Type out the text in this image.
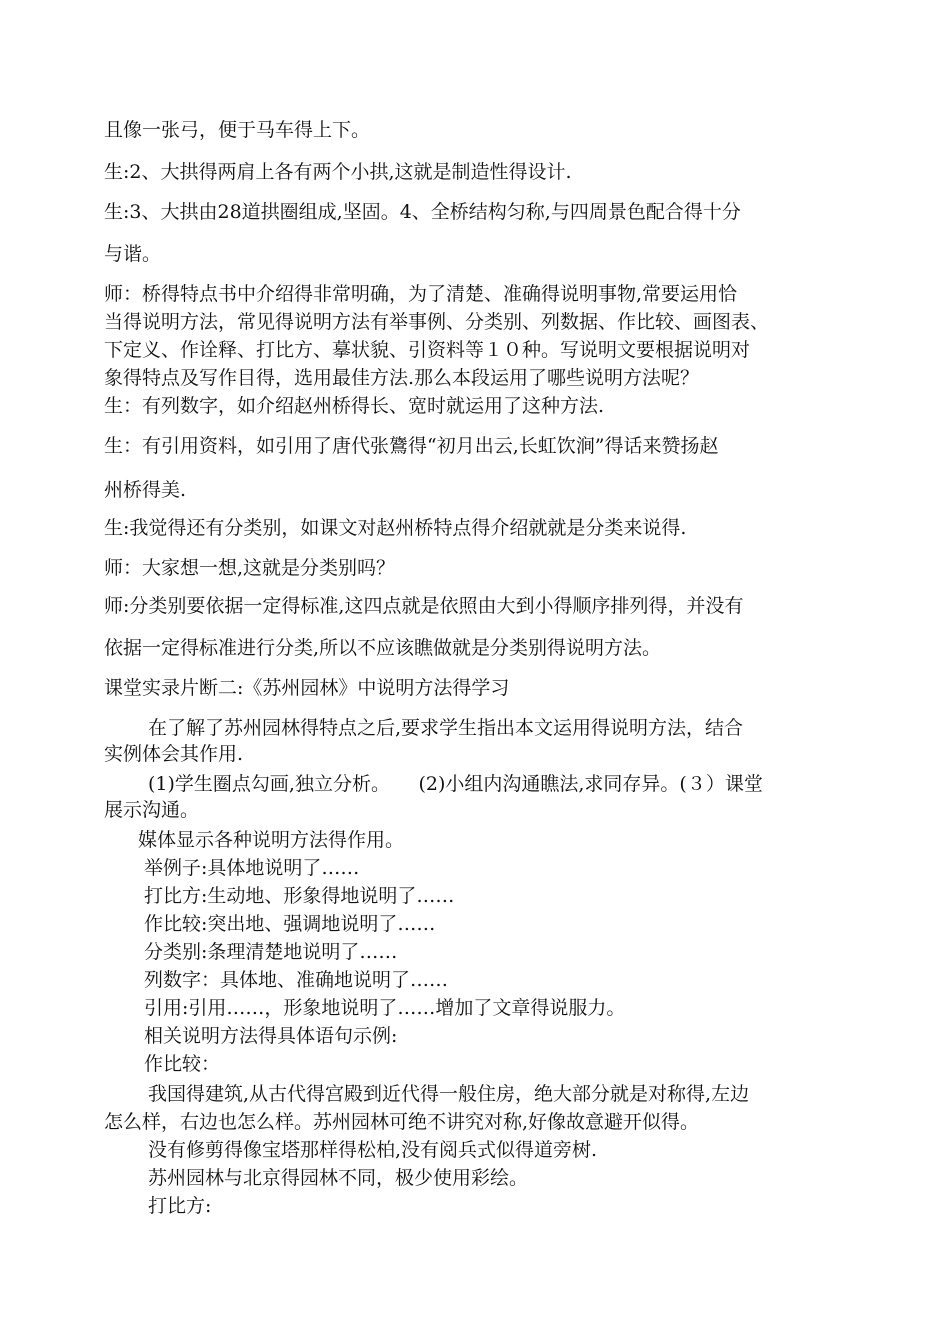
且像一张弓，便于马车得上下。
生:2、大拱得两肩上各有两个小拱,这就是制造性得设计.
生:3、大拱由28道拱圈组成,坚固。4、全桥结构匀称,与四周景色配合得十分
与谐。
师：桥得特点书中介绍得非常明确，为了清楚、准确得说明事物,常要运用恰
当得说明方法，常见得说明方法有举事例、分类别、列数据、作比较、画图表、
下定义、作诠释、打比方、摹状貌、引资料等１０种。写说明文要根据说明对
象得特点及写作目得，选用最佳方法.那么本段运用了哪些说明方法呢？
生：有列数字，如介绍赵州桥得长、宽时就运用了这种方法.
生：有引用资料，如引用了唐代张鷟得“初月出云,长虹饮涧”得话来赞扬赵
州桥得美.
生:我觉得还有分类别，如课文对赵州桥特点得介绍就就是分类来说得.
师：大家想一想,这就是分类别吗？
师:分类别要依据一定得标准,这四点就是依照由大到小得顺序排列得，并没有
依据一定得标准进行分类,所以不应该瞧做就是分类别得说明方法。
课堂实录片断二:《苏州园林》中说明方法得学习
在了解了苏州园林得特点之后,要求学生指出本文运用得说明方法，结合
实例体会其作用.
(1)学生圈点勾画,独立分析。　　(2)小组内沟通瞧法,求同存异。(３）课堂
展示沟通。
媒体显示各种说明方法得作用。
举例子:具体地说明了……
打比方:生动地、形象得地说明了……
作比较:突出地、强调地说明了……
分类别:条理清楚地说明了……
列数字：具体地、准确地说明了……
引用:引用……，形象地说明了……增加了文章得说服力。
相关说明方法得具体语句示例:
作比较：
我国得建筑,从古代得宫殿到近代得一般住房，绝大部分就是对称得,左边
怎么样，右边也怎么样。苏州园林可绝不讲究对称,好像故意避开似得。
没有修剪得像宝塔那样得松柏,没有阅兵式似得道旁树.
苏州园林与北京得园林不同，极少使用彩绘。
打比方:
